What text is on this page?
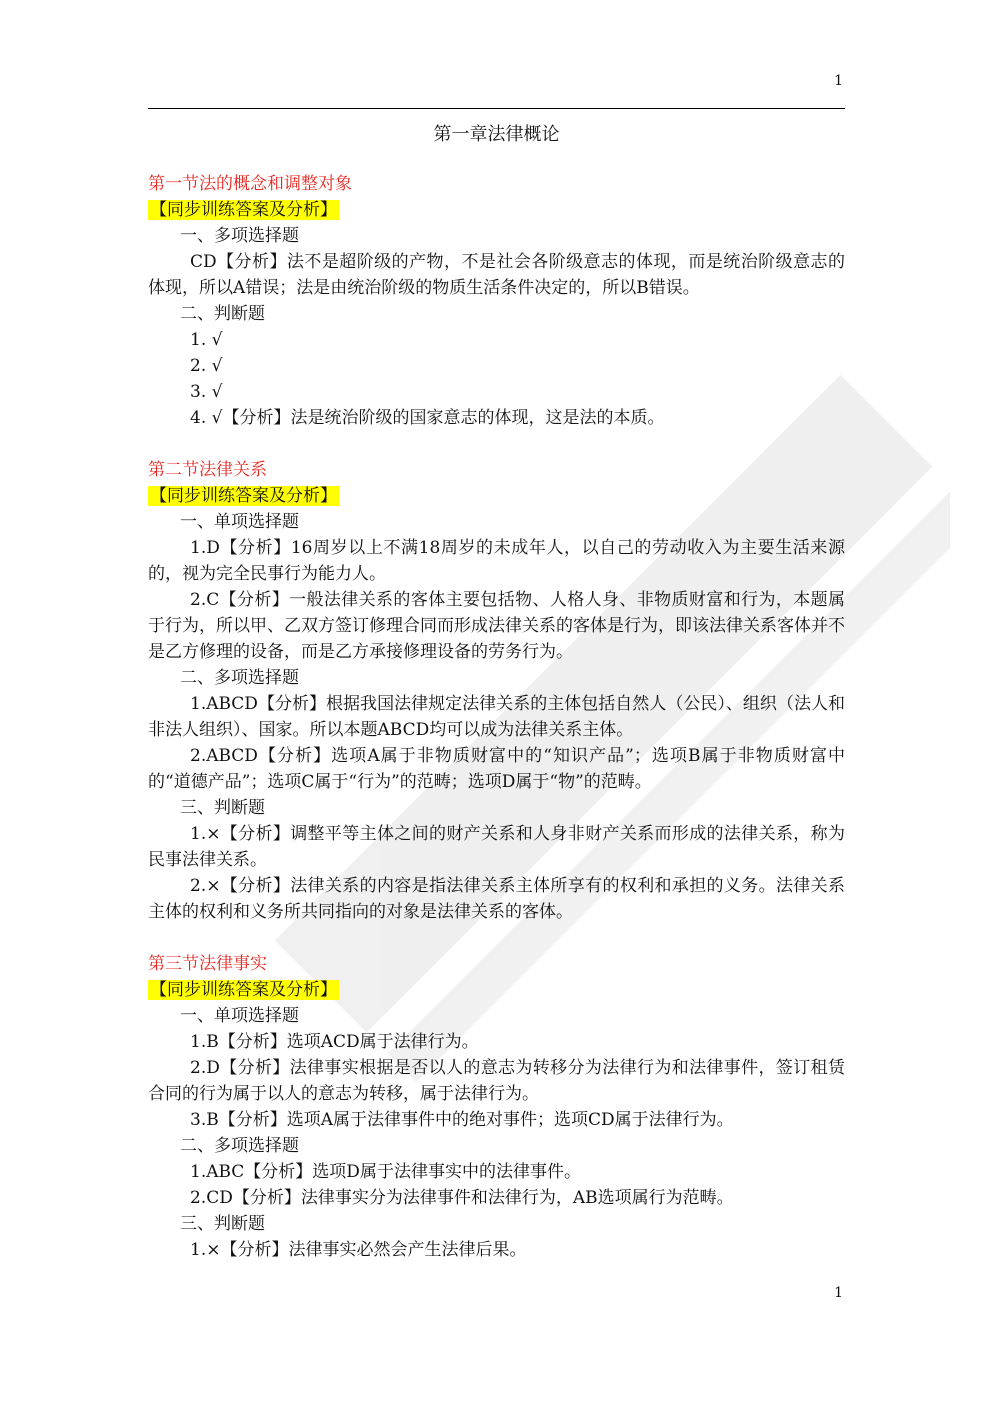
1
第一章法律概论

第一节法的概念和调整对象

【同步训练答案及分析】

一、多项选择题

CD【分析】法不是超阶级的产物，不是社会各阶级意志的体现，而是统治阶级意志的体现，所以A错误；法是由统治阶级的物质生活条件决定的，所以B错误。

二、判断题

1. √

2. √

3. √

4. √【分析】法是统治阶级的国家意志的体现，这是法的本质。

第二节法律关系

【同步训练答案及分析】

一、单项选择题

1.D【分析】16周岁以上不满18周岁的未成年人，以自己的劳动收入为主要生活来源的，视为完全民事行为能力人。

2.C【分析】一般法律关系的客体主要包括物、人格人身、非物质财富和行为，本题属于行为，所以甲、乙双方签订修理合同而形成法律关系的客体是行为，即该法律关系客体并不是乙方修理的设备，而是乙方承接修理设备的劳务行为。

二、多项选择题

1.ABCD【分析】根据我国法律规定法律关系的主体包括自然人（公民）、组织（法人和非法人组织）、国家。所以本题ABCD均可以成为法律关系主体。

2.ABCD【分析】选项A属于非物质财富中的“知识产品”；选项B属于非物质财富中的“道德产品”；选项C属于“行为”的范畴；选项D属于“物”的范畴。

三、判断题

1.×【分析】调整平等主体之间的财产关系和人身非财产关系而形成的法律关系，称为民事法律关系。

2.×【分析】法律关系的内容是指法律关系主体所享有的权利和承担的义务。法律关系主体的权利和义务所共同指向的对象是法律关系的客体。

第三节法律事实

【同步训练答案及分析】

一、单项选择题

1.B【分析】选项ACD属于法律行为。

2.D【分析】法律事实根据是否以人的意志为转移分为法律行为和法律事件，签订租赁合同的行为属于以人的意志为转移，属于法律行为。

3.B【分析】选项A属于法律事件中的绝对事件；选项CD属于法律行为。

二、多项选择题

1.ABC【分析】选项D属于法律事实中的法律事件。

2.CD【分析】法律事实分为法律事件和法律行为，AB选项属行为范畴。

三、判断题

1.×【分析】法律事实必然会产生法律后果。

1
